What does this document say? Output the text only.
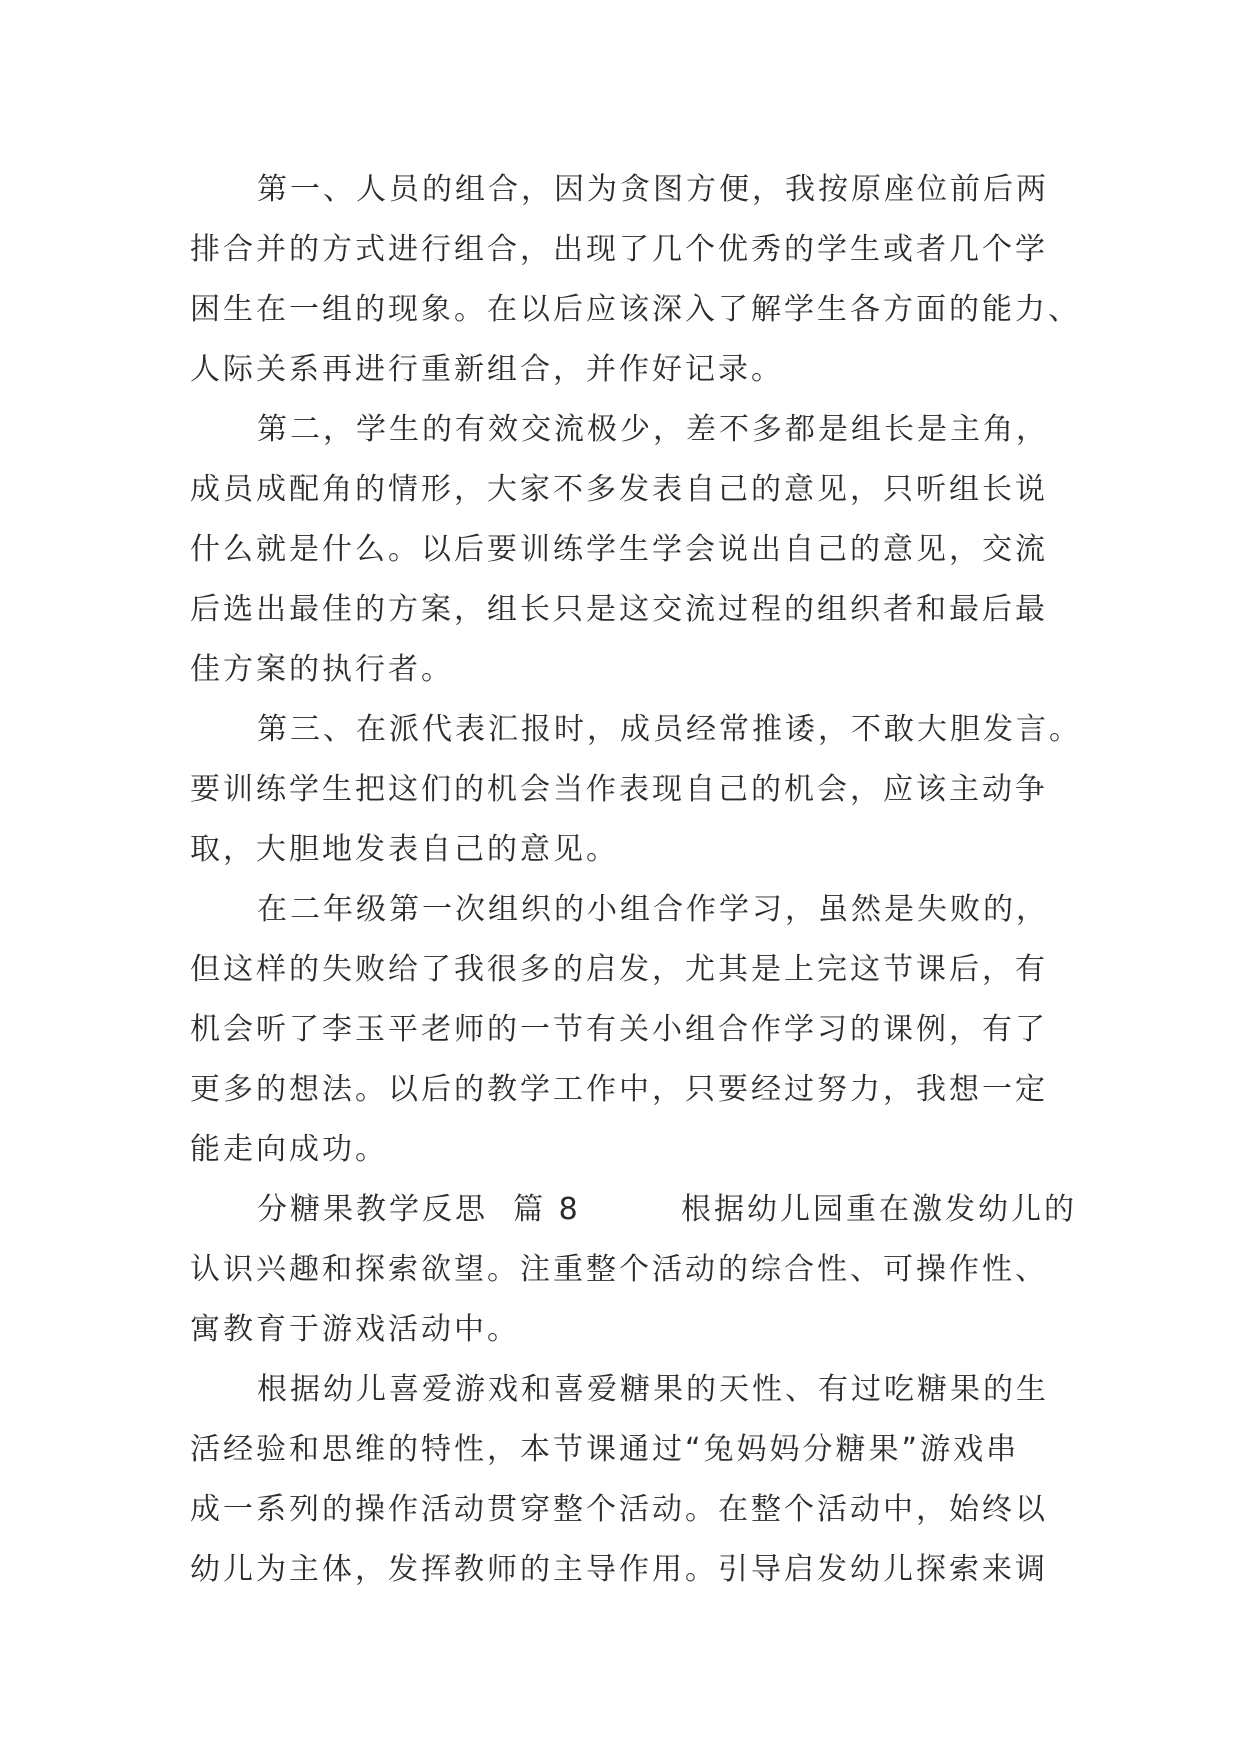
第一、人员的组合，因为贪图方便，我按原座位前后两
排合并的方式进行组合，出现了几个优秀的学生或者几个学
困生在一组的现象。在以后应该深入了解学生各方面的能力、
人际关系再进行重新组合，并作好记录。
第二，学生的有效交流极少，差不多都是组长是主角，
成员成配角的情形，大家不多发表自己的意见，只听组长说
什么就是什么。以后要训练学生学会说出自己的意见，交流
后选出最佳的方案，组长只是这交流过程的组织者和最后最
佳方案的执行者。
第三、在派代表汇报时，成员经常推诿，不敢大胆发言。
要训练学生把这们的机会当作表现自己的机会，应该主动争
取，大胆地发表自己的意见。
在二年级第一次组织的小组合作学习，虽然是失败的，
但这样的失败给了我很多的启发，尤其是上完这节课后，有
机会听了李玉平老师的一节有关小组合作学习的课例，有了
更多的想法。以后的教学工作中，只要经过努力，我想一定
能走向成功。
分糖果教学反思  篇 8        根据幼儿园重在激发幼儿的
认识兴趣和探索欲望。注重整个活动的综合性、可操作性、
寓教育于游戏活动中。
根据幼儿喜爱游戏和喜爱糖果的天性、有过吃糖果的生
活经验和思维的特性，本节课通过“兔妈妈分糖果”游戏串
成一系列的操作活动贯穿整个活动。在整个活动中，始终以
幼儿为主体，发挥教师的主导作用。引导启发幼儿探索来调
